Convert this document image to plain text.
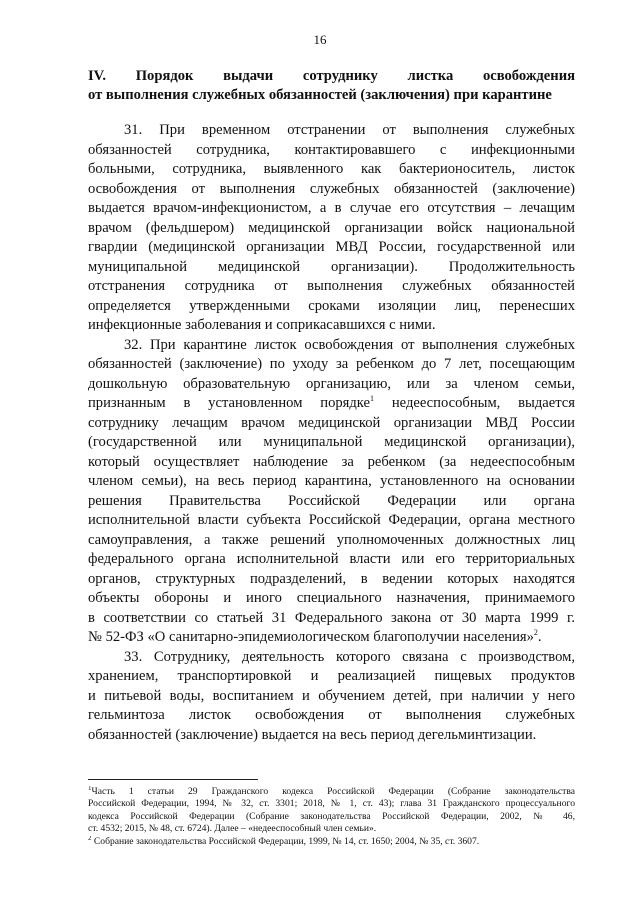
16
IV. Порядок выдачи сотруднику листка освобождения
от выполнения служебных обязанностей (заключения) при карантине
31. При временном отстранении от выполнения служебных
обязанностей сотрудника, контактировавшего с инфекционными
больными, сотрудника, выявленного как бактерионоситель, листок
освобождения от выполнения служебных обязанностей (заключение)
выдается врачом-инфекционистом, а в случае его отсутствия – лечащим
врачом (фельдшером) медицинской организации войск национальной
гвардии (медицинской организации МВД России, государственной или
муниципальной медицинской организации). Продолжительность
отстранения сотрудника от выполнения служебных обязанностей
определяется утвержденными сроками изоляции лиц, перенесших
инфекционные заболевания и соприкасавшихся с ними.
32. При карантине листок освобождения от выполнения служебных
обязанностей (заключение) по уходу за ребенком до 7 лет, посещающим
дошкольную образовательную организацию, или за членом семьи,
признанным в установленном порядке$^1$ недееспособным, выдается
сотруднику лечащим врачом медицинской организации МВД России
(государственной или муниципальной медицинской организации),
который осуществляет наблюдение за ребенком (за недееспособным
членом семьи), на весь период карантина, установленного на основании
решения Правительства Российской Федерации или органа
исполнительной власти субъекта Российской Федерации, органа местного
самоуправления, а также решений уполномоченных должностных лиц
федерального органа исполнительной власти или его территориальных
органов, структурных подразделений, в ведении которых находятся
объекты обороны и иного специального назначения, принимаемого
в соответствии со статьей 31 Федерального закона от 30 марта 1999 г.
№ 52-ФЗ «О санитарно-эпидемиологическом благополучии населения»$^2$.
33. Сотруднику, деятельность которого связана с производством,
хранением, транспортировкой и реализацией пищевых продуктов
и питьевой воды, воспитанием и обучением детей, при наличии у него
гельминтоза листок освобождения от выполнения служебных
обязанностей (заключение) выдается на весь период дегельминтизации.
$^1$Часть 1 статьи 29 Гражданского кодекса Российской Федерации (Собрание законодательства
Российской Федерации, 1994, № 32, ст. 3301; 2018, № 1, ст. 43); глава 31 Гражданского процессуального
кодекса Российской Федерации (Собрание законодательства Российской Федерации, 2002, № 46,
ст. 4532; 2015, № 48, ст. 6724). Далее – «недееспособный член семьи».
$^2$ Собрание законодательства Российской Федерации, 1999, № 14, ст. 1650; 2004, № 35, ст. 3607.
